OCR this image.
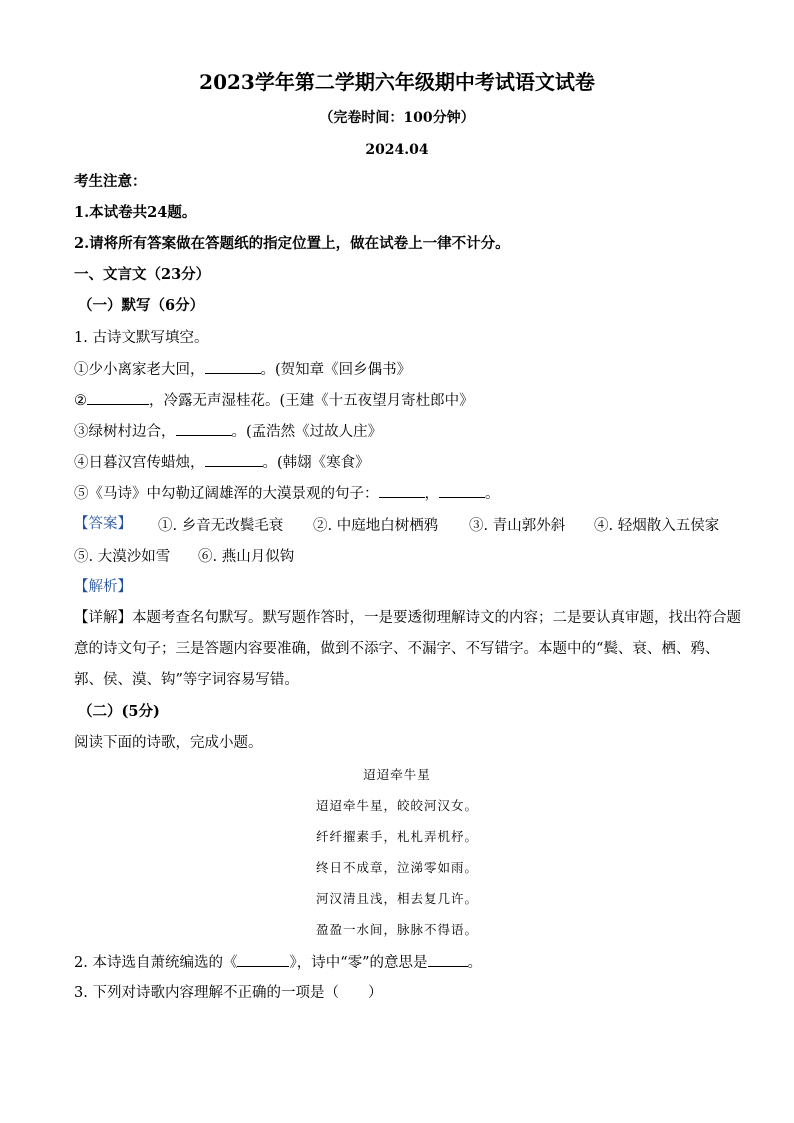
2023学年第二学期六年级期中考试语文试卷
（完卷时间：100分钟）
2024.04
考生注意：
1.本试卷共24题。
2.请将所有答案做在答题纸的指定位置上，做在试卷上一律不计分。
一、文言文（23分）
（一）默写（6分）
1. 古诗文默写填空。
①少小离家老大回，	。(贺知章《回乡偶书》
②	，冷露无声湿桂花。(王建《十五夜望月寄杜郎中》
③绿树村边合，	。(孟浩然《过故人庄》
④日暮汉宫传蜡烛，	。(韩翃《寒食》
⑤《马诗》中勾勒辽阔雄浑的大漠景观的句子：	，	。
【答案】 ①. 乡音无改鬓毛衰 ②. 中庭地白树栖鸦 ③. 青山郭外斜 ④. 轻烟散入五侯家
⑤. 大漠沙如雪 ⑥. 燕山月似钩
【解析】
【详解】本题考查名句默写。默写题作答时，一是要透彻理解诗文的内容；二是要认真审题，找出符合题
意的诗文句子；三是答题内容要准确，做到不添字、不漏字、不写错字。本题中的“鬓、衰、栖、鸦、
郭、侯、漠、钩”等字词容易写错。
（二）(5分)
阅读下面的诗歌，完成小题。
迢迢牵牛星
迢迢牵牛星，皎皎河汉女。
纤纤擢素手，札札弄机杼。
终日不成章，泣涕零如雨。
河汉清且浅，相去复几许。
盈盈一水间，脉脉不得语。
2. 本诗选自萧统编选的《	》，诗中“零”的意思是	。
3. 下列对诗歌内容理解不正确的一项是（　　）
